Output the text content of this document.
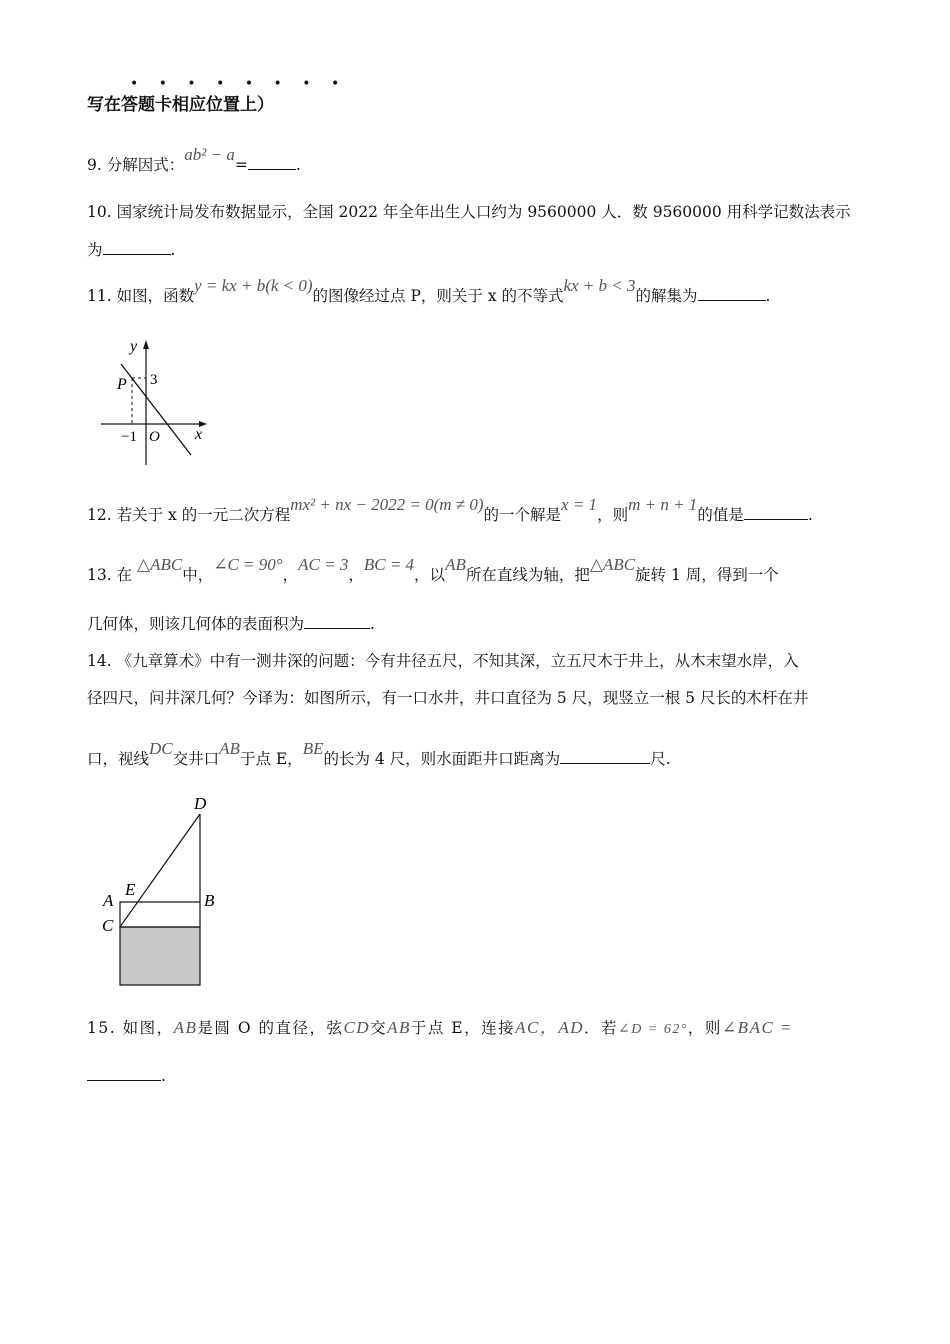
• • • • • • • •
写在答题卡相应位置上）
9. 分解因式：ab² − a=	.
10. 国家统计局发布数据显示，全国 2022 年全年出生人口约为 9560000 人．数 9560000 用科学记数法表示
为	.
11. 如图，函数y = kx + b(k < 0)的图像经过点 P，则关于 x 的不等式kx + b < 3的解集为	.
y
x
P 3
−1 O
12. 若关于 x 的一元二次方程mx² + nx − 2022 = 0(m ≠ 0)的一个解是x = 1，则m + n + 1的值是	.
13. 在 △ABC中，∠C = 90°，AC = 3，BC = 4，以AB所在直线为轴，把△ABC旋转 1 周，得到一个
几何体，则该几何体的表面积为	.
14. 《九章算术》中有一测井深的问题：今有井径五尺，不知其深，立五尺木于井上，从木末望水岸，入
径四尺，问井深几何？今译为：如图所示，有一口水井，井口直径为 5 尺，现竖立一根 5 尺长的木杆在井
口，视线DC交井口AB于点 E，BE的长为 4 尺，则水面距井口距离为	尺.
D
A
E
B
C
15. 如图，AB是圆 O 的直径，弦CD交AB于点 E，连接AC，AD．若∠D = 62°，则∠BAC =
.
